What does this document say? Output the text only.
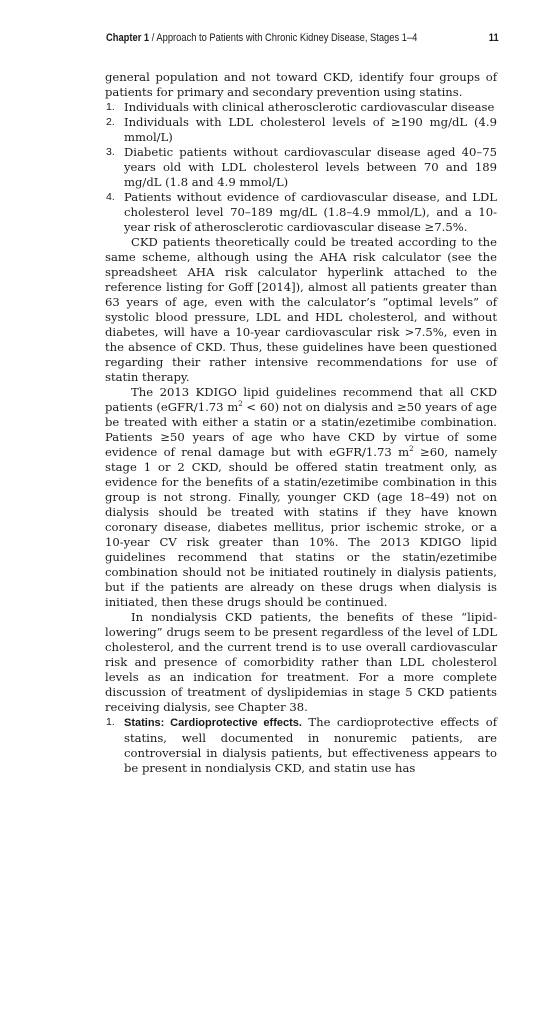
Chapter 1 / Approach to Patients with Chronic Kidney Disease, Stages 1–4	11

general population and not toward CKD, identify four groups of patients for primary and secondary prevention using statins.

1. Individuals with clinical atherosclerotic cardiovascular disease
2. Individuals with LDL cholesterol levels of ≥190 mg/dL (4.9 mmol/L)
3. Diabetic patients without cardiovascular disease aged 40–75 years old with LDL cholesterol levels between 70 and 189 mg/dL (1.8 and 4.9 mmol/L)
4. Patients without evidence of cardiovascular disease, and LDL cholesterol level 70–189 mg/dL (1.8–4.9 mmol/L), and a 10-year risk of atherosclerotic cardiovascular disease ≥7.5%.

CKD patients theoretically could be treated according to the same scheme, although using the AHA risk calculator (see the spreadsheet AHA risk calculator hyperlink attached to the reference listing for Goff [2014]), almost all patients greater than 63 years of age, even with the calculator’s “optimal levels” of systolic blood pressure, LDL and HDL cholesterol, and without diabetes, will have a 10-year cardiovascular risk >7.5%, even in the absence of CKD. Thus, these guidelines have been questioned regarding their rather intensive recommendations for use of statin therapy.

The 2013 KDIGO lipid guidelines recommend that all CKD patients (eGFR/1.73 $m^2 < 60$) not on dialysis and ≥50 years of age be treated with either a statin or a statin/ezetimibe combination. Patients ≥50 years of age who have CKD by virtue of some evidence of renal damage but with eGFR/1.73 $m^2 \ge 60$, namely stage 1 or 2 CKD, should be offered statin treatment only, as evidence for the benefits of a statin/ezetimibe combination in this group is not strong. Finally, younger CKD (age 18–49) not on dialysis should be treated with statins if they have known coronary disease, diabetes mellitus, prior ischemic stroke, or a 10-year CV risk greater than 10%. The 2013 KDIGO lipid guidelines recommend that statins or the statin/ezetimibe combination should not be initiated routinely in dialysis patients, but if the patients are already on these drugs when dialysis is initiated, then these drugs should be continued.

In nondialysis CKD patients, the benefits of these “lipid-lowering” drugs seem to be present regardless of the level of LDL cholesterol, and the current trend is to use overall cardiovascular risk and presence of comorbidity rather than LDL cholesterol levels as an indication for treatment. For a more complete discussion of treatment of dyslipidemias in stage 5 CKD patients receiving dialysis, see Chapter 38.

1. Statins: Cardioprotective effects. The cardioprotective effects of statins, well documented in nonuremic patients, are controversial in dialysis patients, but effectiveness appears to be present in nondialysis CKD, and statin use has
